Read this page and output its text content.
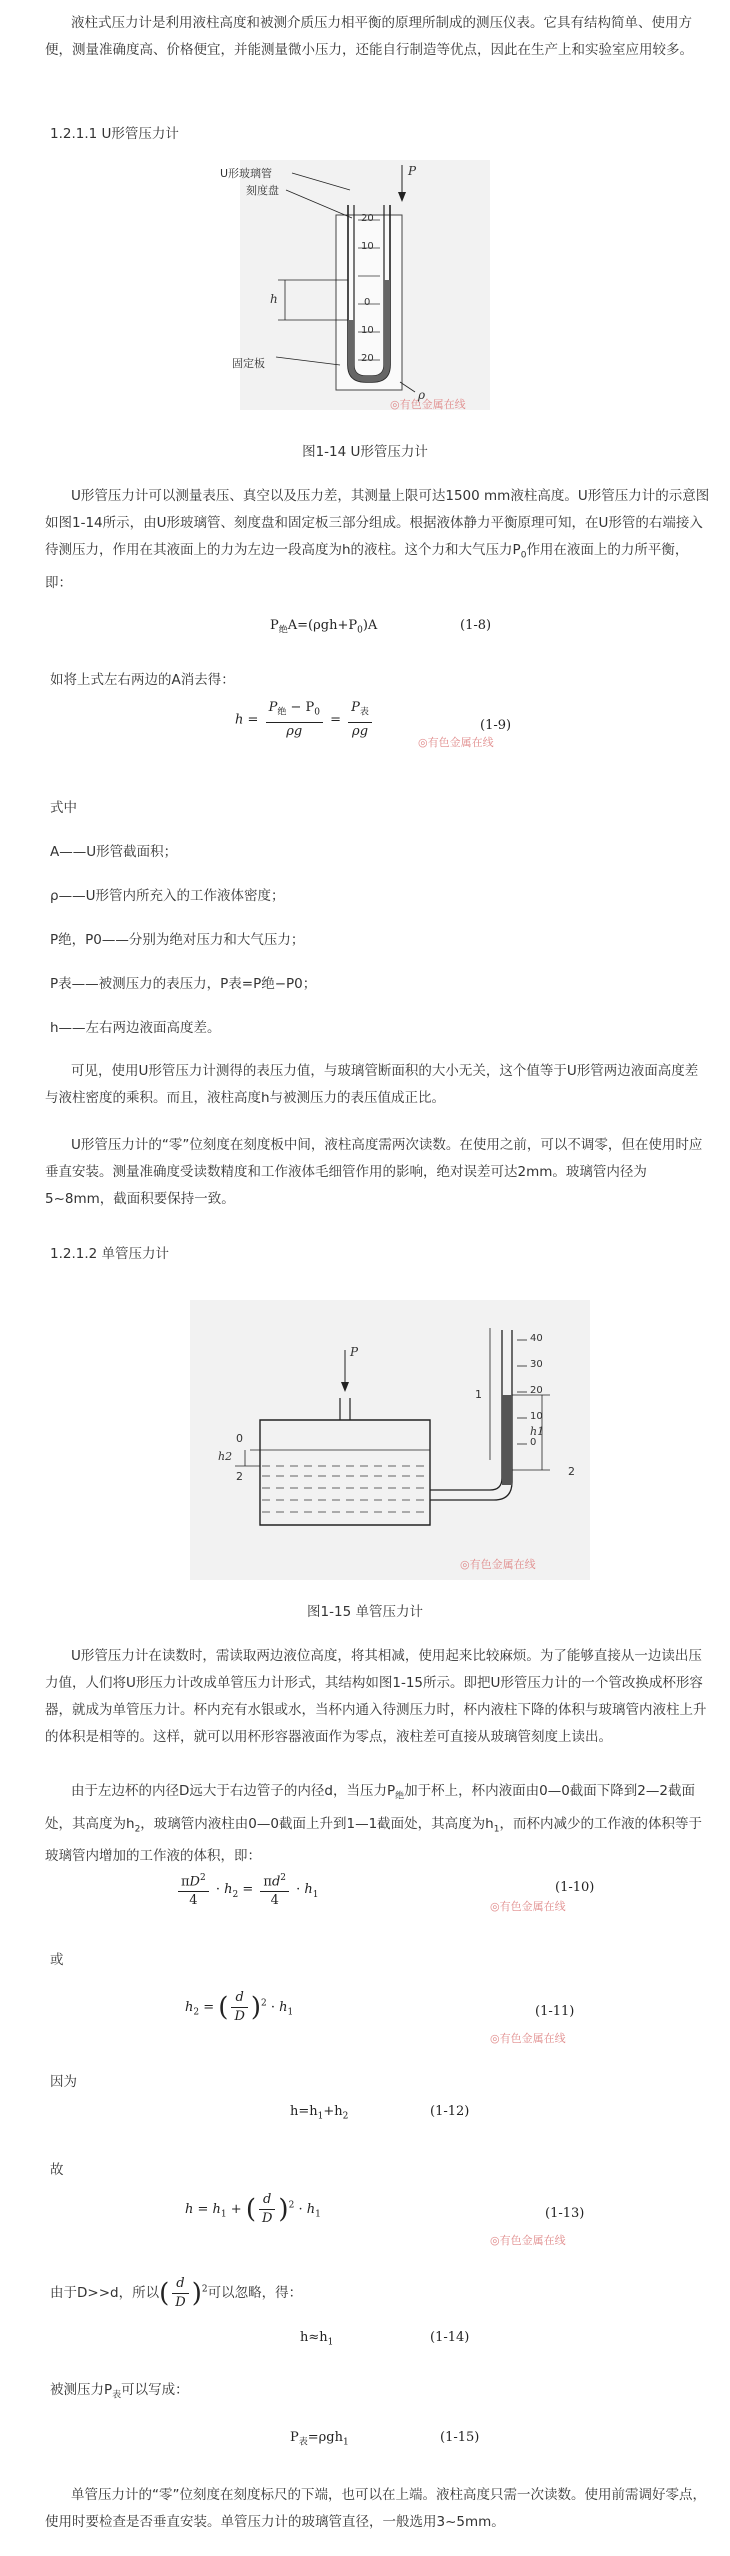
液柱式压力计是利用液柱高度和被测介质压力相平衡的原理所制成的测压仪表。它具有结构简单、使用方便，测量准确度高、价格便宜，并能测量微小压力，还能自行制造等优点，因此在生产上和实验室应用较多。
1.2.1.1 U形管压力计
U形玻璃管
刻度盘
固定板
P
h
ρ
20
10
0
10
20
◎有色金属在线
图1-14 U形管压力计
U形管压力计可以测量表压、真空以及压力差，其测量上限可达1500 mm液柱高度。U形管压力计的示意图如图1-14所示，由U形玻璃管、刻度盘和固定板三部分组成。根据液体静力平衡原理可知，在U形管的右端接入待测压力，作用在其液面上的力为左边一段高度为h的液柱。这个力和大气压力$P_0$作用在液面上的力所平衡，即：
$P_绝A=(\rho gh+P_0)A$	(1-8)
如将上式左右两边的A消去得：
$h = \frac{P_绝 - P_0}{\rho g} = \frac{P_表}{\rho g}$	(1-9)
◎有色金属在线
式中
A——U形管截面积；
ρ——U形管内所充入的工作液体密度；
P绝，P0——分别为绝对压力和大气压力；
P表——被测压力的表压力，P表=P绝−P0；
h——左右两边液面高度差。
可见，使用U形管压力计测得的表压力值，与玻璃管断面积的大小无关，这个值等于U形管两边液面高度差与液柱密度的乘积。而且，液柱高度h与被测压力的表压值成正比。
U形管压力计的“零”位刻度在刻度板中间，液柱高度需两次读数。在使用之前，可以不调零，但在使用时应垂直安装。测量准确度受读数精度和工作液体毛细管作用的影响，绝对误差可达2mm。玻璃管内径为5~8mm，截面积要保持一致。
1.2.1.2 单管压力计
P
0
h2
2
1
2
h1
40
30
20
10
0
◎有色金属在线
图1-15 单管压力计
U形管压力计在读数时，需读取两边液位高度，将其相减，使用起来比较麻烦。为了能够直接从一边读出压力值，人们将U形压力计改成单管压力计形式，其结构如图1-15所示。即把U形管压力计的一个管改换成杯形容器，就成为单管压力计。杯内充有水银或水，当杯内通入待测压力时，杯内液柱下降的体积与玻璃管内液柱上升的体积是相等的。这样，就可以用杯形容器液面作为零点，液柱差可直接从玻璃管刻度上读出。
由于左边杯的内径D远大于右边管子的内径d，当压力$P_绝$加于杯上，杯内液面由0—0截面下降到2—2截面处，其高度为$h_2$，玻璃管内液柱由0—0截面上升到1—1截面处，其高度为$h_1$，而杯内减少的工作液的体积等于玻璃管内增加的工作液的体积，即：
$\frac{\pi D^2}{4} \cdot h_2 = \frac{\pi d^2}{4} \cdot h_1$	(1-10)
◎有色金属在线
或
$h_2$ = ( $\frac{d}{D} )^2 \cdot h_1$	(1-11)
◎有色金属在线
因为
$h=h_1+h_2$	(1-12)
故
$h = h_1$ + ( $\frac{d}{D} )^2 \cdot h_1$	(1-13)
◎有色金属在线
由于D>>d，所以( $\frac{d}{D} )^2$可以忽略，得：
$h\approx h_1$	(1-14)
被测压力$P_表$可以写成：
$P_表=\rho gh_1$	(1-15)
单管压力计的“零”位刻度在刻度标尺的下端，也可以在上端。液柱高度只需一次读数。使用前需调好零点，使用时要检查是否垂直安装。单管压力计的玻璃管直径，一般选用3~5mm。
